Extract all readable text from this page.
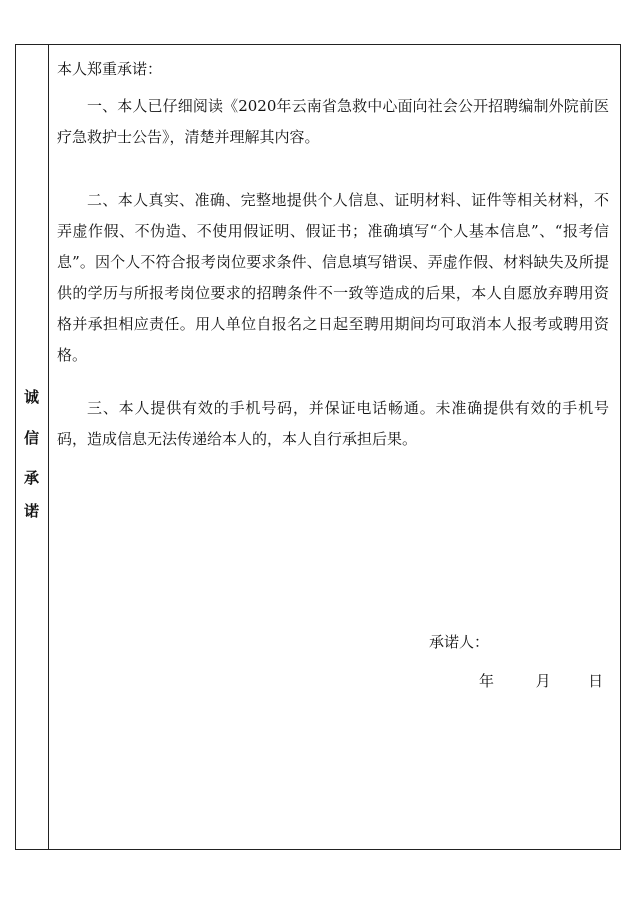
诚
信
承
诺

本人郑重承诺：

一、本人已仔细阅读《2020年云南省急救中心面向社会公开招聘编制外院前医疗急救护士公告》，清楚并理解其内容。

二、本人真实、准确、完整地提供个人信息、证明材料、证件等相关材料，不弄虚作假、不伪造、不使用假证明、假证书；准确填写“个人基本信息”、“报考信息”。因个人不符合报考岗位要求条件、信息填写错误、弄虚作假、材料缺失及所提供的学历与所报考岗位要求的招聘条件不一致等造成的后果，本人自愿放弃聘用资格并承担相应责任。用人单位自报名之日起至聘用期间均可取消本人报考或聘用资格。

三、本人提供有效的手机号码，并保证电话畅通。未准确提供有效的手机号码，造成信息无法传递给本人的，本人自行承担后果。

承诺人：

年	月	日
